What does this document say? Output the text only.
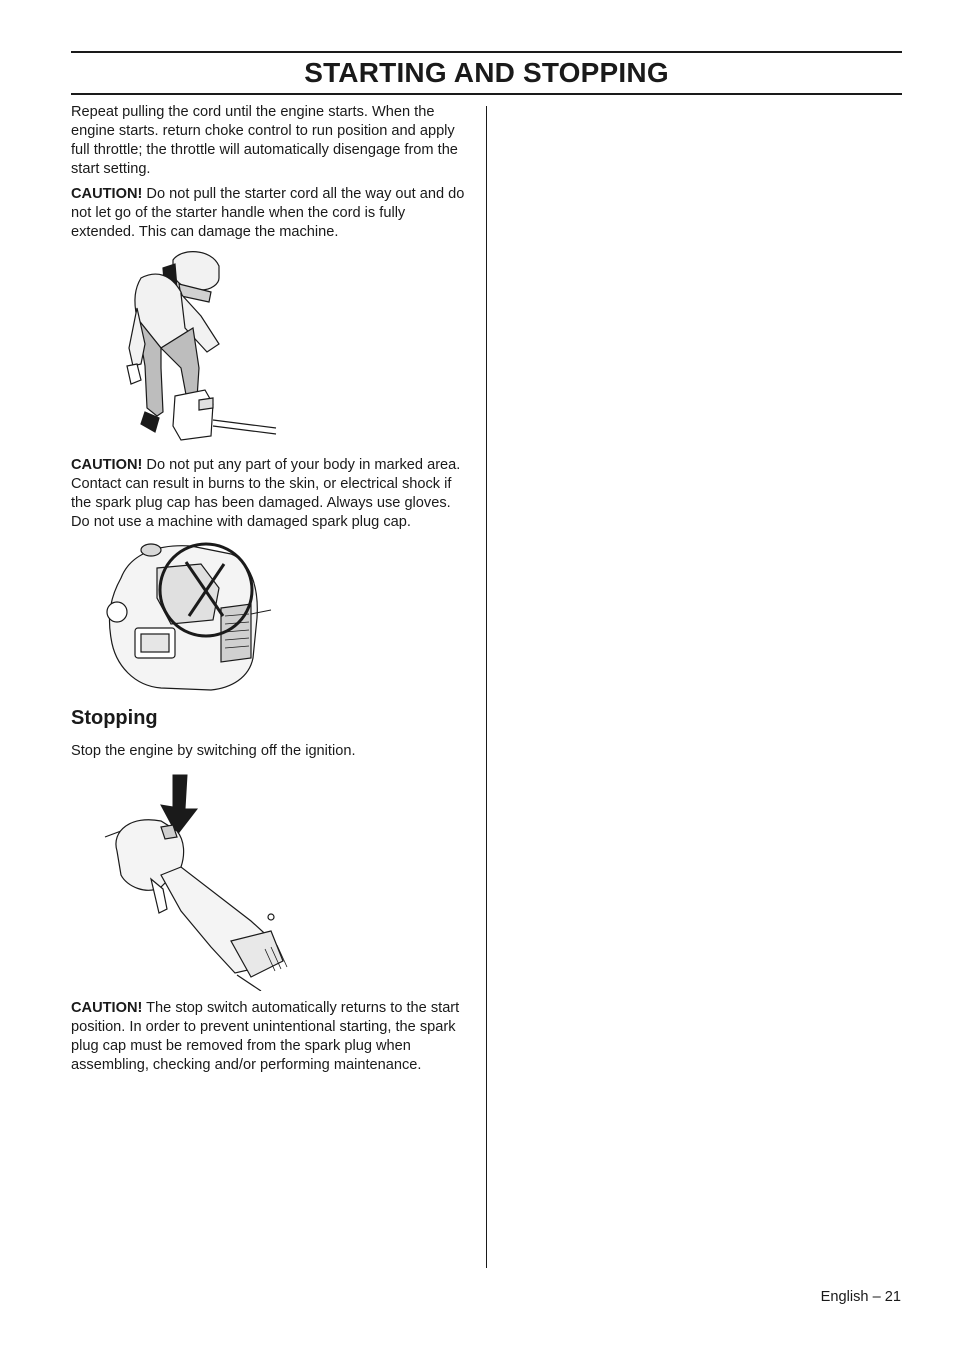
STARTING AND STOPPING

Repeat pulling the cord until the engine starts. When the engine starts. return choke control to run position and apply full throttle; the throttle will automatically disengage from the start setting.

CAUTION! Do not pull the starter cord all the way out and do not let go of the starter handle when the cord is fully extended. This can damage the machine.

CAUTION! Do not put any part of your body in marked area. Contact can result in burns to the skin, or electrical shock if the spark plug cap has been damaged. Always use gloves. Do not use a machine with damaged spark plug cap.

Stopping

Stop the engine by switching off the ignition.

CAUTION! The stop switch automatically returns to the start position. In order to prevent unintentional starting, the spark plug cap must be removed from the spark plug when assembling, checking and/or performing maintenance.

English – 21
